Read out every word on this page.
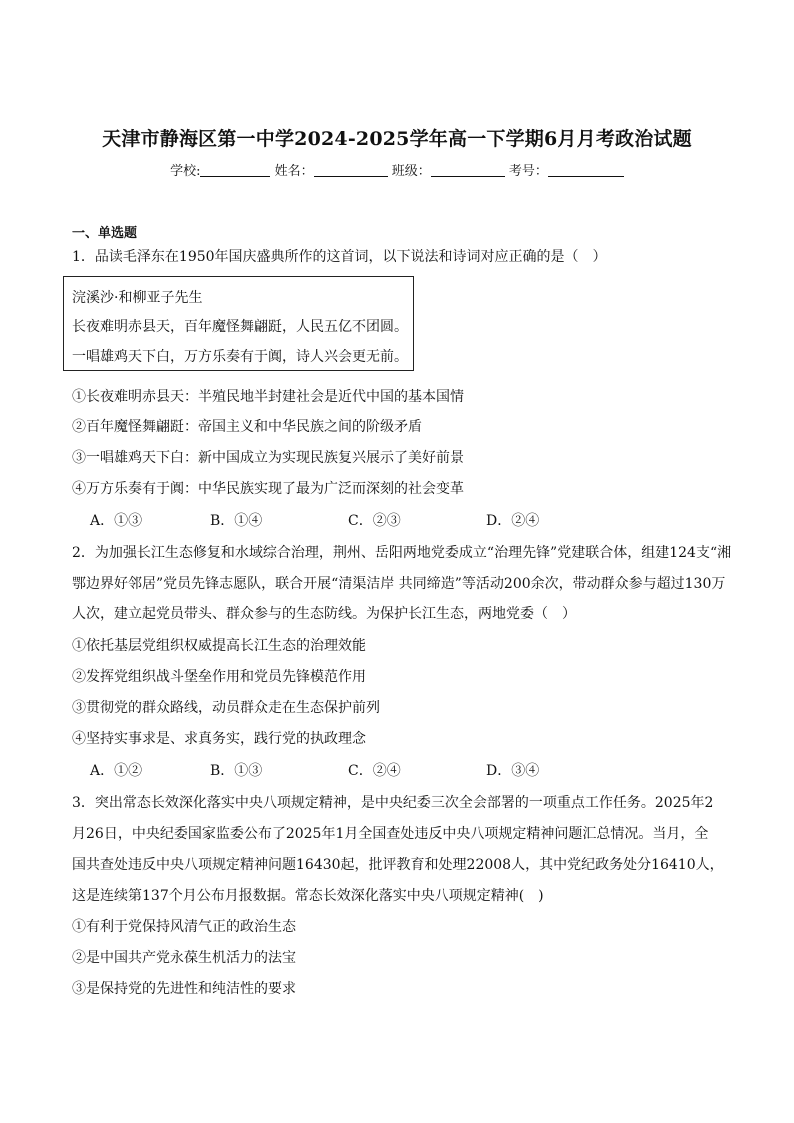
天津市静海区第一中学2024-2025学年高一下学期6月月考政治试题
学校:	姓名：	班级：	考号：
一、单选题
1．品读毛泽东在1950年国庆盛典所作的这首词，以下说法和诗词对应正确的是（　）
浣溪沙·和柳亚子先生
长夜难明赤县天，百年魔怪舞翩跹，人民五亿不团圆。
一唱雄鸡天下白，万方乐奏有于阗，诗人兴会更无前。
①长夜难明赤县天：半殖民地半封建社会是近代中国的基本国情
②百年魔怪舞翩跹：帝国主义和中华民族之间的阶级矛盾
③一唱雄鸡天下白：新中国成立为实现民族复兴展示了美好前景
④万方乐奏有于阗：中华民族实现了最为广泛而深刻的社会变革
A．①③	B．①④	C．②③	D．②④
2．为加强长江生态修复和水域综合治理，荆州、岳阳两地党委成立“治理先锋”党建联合体，组建124支“湘
鄂边界好邻居”党员先锋志愿队，联合开展“清渠洁岸 共同缔造”等活动200余次，带动群众参与超过130万
人次，建立起党员带头、群众参与的生态防线。为保护长江生态，两地党委（　）
①依托基层党组织权威提高长江生态的治理效能
②发挥党组织战斗堡垒作用和党员先锋模范作用
③贯彻党的群众路线，动员群众走在生态保护前列
④坚持实事求是、求真务实，践行党的执政理念
A．①②	B．①③	C．②④	D．③④
3．突出常态长效深化落实中央八项规定精神，是中央纪委三次全会部署的一项重点工作任务。2025年2
月26日，中央纪委国家监委公布了2025年1月全国查处违反中央八项规定精神问题汇总情况。当月，全
国共查处违反中央八项规定精神问题16430起，批评教育和处理22008人，其中党纪政务处分16410人，
这是连续第137个月公布月报数据。常态长效深化落实中央八项规定精神(　)
①有利于党保持风清气正的政治生态
②是中国共产党永葆生机活力的法宝
③是保持党的先进性和纯洁性的要求
